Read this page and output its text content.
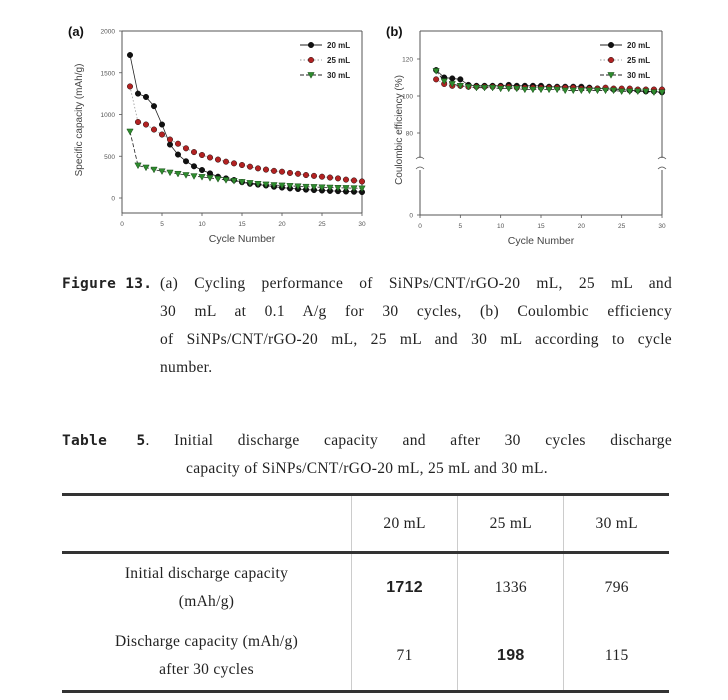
(a)
0	5	10	15	20	25	30
0
500
1000
1500
2000
Cycle Number
Specific capacity (mAh/g)
20 mL
25 mL
30 mL
(b)
0	5	10	15	20	25	30
0
80
100
120
Cycle Number
Coulombic efficiency (%)
20 mL
25 mL
30 mL
Figure 13. (a) Cycling performance of SiNPs/CNT/rGO-20 mL, 25 mL and
30 mL at 0.1 A/g for 30 cycles, (b) Coulombic efficiency
of SiNPs/CNT/rGO-20 mL, 25 mL and 30 mL according to cycle
number.
Table 5. Initial discharge capacity and after 30 cycles discharge
capacity of SiNPs/CNT/rGO-20 mL, 25 mL and 30 mL.
	20 mL	25 mL	30 mL

Initial discharge capacity
(mAh/g)	1712	1336	796

Discharge capacity (mAh/g)
after 30 cycles	71	198	115
